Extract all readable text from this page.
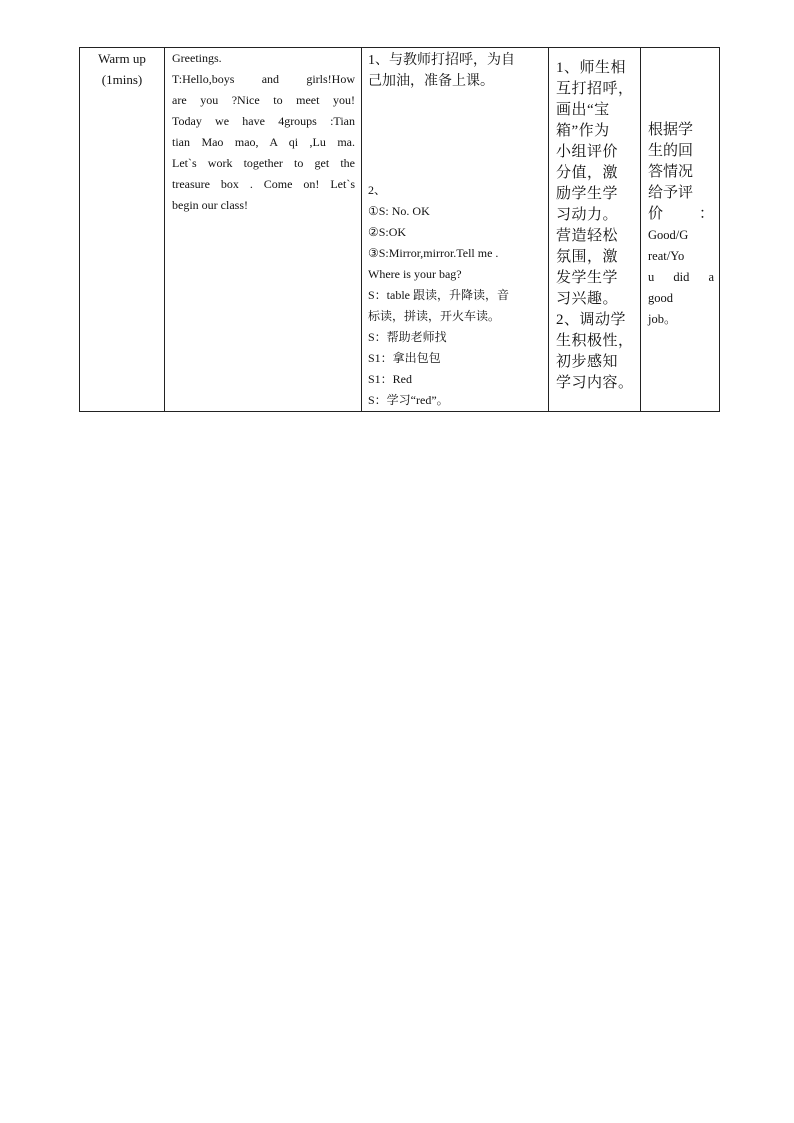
Warm up
(1mins)

Greetings.
T:Hello,boys and girls!How
are you ?Nice to meet you!
Today we have 4groups :Tian
tian Mao mao, A qi ,Lu ma.
Let`s work together to get the
treasure box . Come on! Let`s
begin our class!

1、与教师打招呼，为自
己加油，准备上课。
2、
①S: No. OK
②S:OK
③S:Mirror,mirror.Tell me .
Where is your bag?
S：table 跟读，升降读，音
标读，拼读，开火车读。
S：帮助老师找
S1：拿出包包
S1：Red
S：学习“red”。

1、师生相
互打招呼，
画出“宝
箱”作为
小组评价
分值，激
励学生学
习动力。
营造轻松
氛围，激
发学生学
习兴趣。
2、调动学
生积极性，
初步感知
学习内容。

根据学
生的回
答情况
给予评
价 ：
Good/G
reat/Yo
u did a
good
job。
